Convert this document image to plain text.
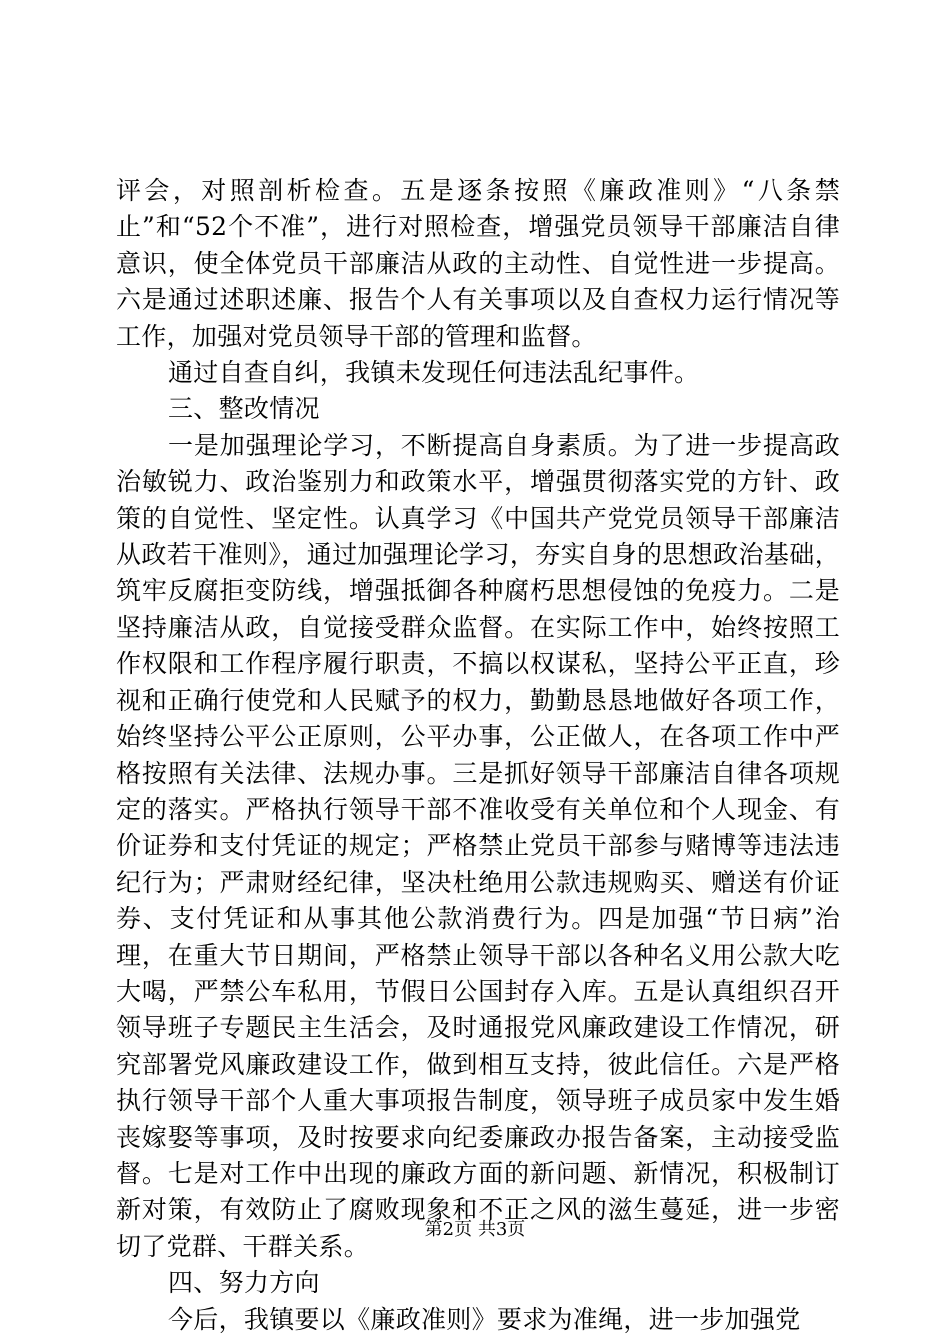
评会，对照剖析检查。五是逐条按照《廉政准则》“八条禁止”和“52个不准”，进行对照检查，增强党员领导干部廉洁自律意识，使全体党员干部廉洁从政的主动性、自觉性进一步提高。六是通过述职述廉、报告个人有关事项以及自查权力运行情况等工作，加强对党员领导干部的管理和监督。

通过自查自纠，我镇未发现任何违法乱纪事件。

三、整改情况

一是加强理论学习，不断提高自身素质。为了进一步提高政治敏锐力、政治鉴别力和政策水平，增强贯彻落实党的方针、政策的自觉性、坚定性。认真学习《中国共产党党员领导干部廉洁从政若干准则》，通过加强理论学习，夯实自身的思想政治基础，筑牢反腐拒变防线，增强抵御各种腐朽思想侵蚀的免疫力。二是坚持廉洁从政，自觉接受群众监督。在实际工作中，始终按照工作权限和工作程序履行职责，不搞以权谋私，坚持公平正直，珍视和正确行使党和人民赋予的权力，勤勤恳恳地做好各项工作，始终坚持公平公正原则，公平办事，公正做人，在各项工作中严格按照有关法律、法规办事。三是抓好领导干部廉洁自律各项规定的落实。严格执行领导干部不准收受有关单位和个人现金、有价证券和支付凭证的规定；严格禁止党员干部参与赌博等违法违纪行为；严肃财经纪律，坚决杜绝用公款违规购买、赠送有价证券、支付凭证和从事其他公款消费行为。四是加强“节日病”治理，在重大节日期间，严格禁止领导干部以各种名义用公款大吃大喝，严禁公车私用，节假日公国封存入库。五是认真组织召开领导班子专题民主生活会，及时通报党风廉政建设工作情况，研究部署党风廉政建设工作，做到相互支持，彼此信任。六是严格执行领导干部个人重大事项报告制度，领导班子成员家中发生婚丧嫁娶等事项，及时按要求向纪委廉政办报告备案，主动接受监督。七是对工作中出现的廉政方面的新问题、新情况，积极制订新对策，有效防止了腐败现象和不正之风的滋生蔓延，进一步密切了党群、干群关系。

四、努力方向

今后，我镇要以《廉政准则》要求为准绳，进一步加强党

第2页 共3页
